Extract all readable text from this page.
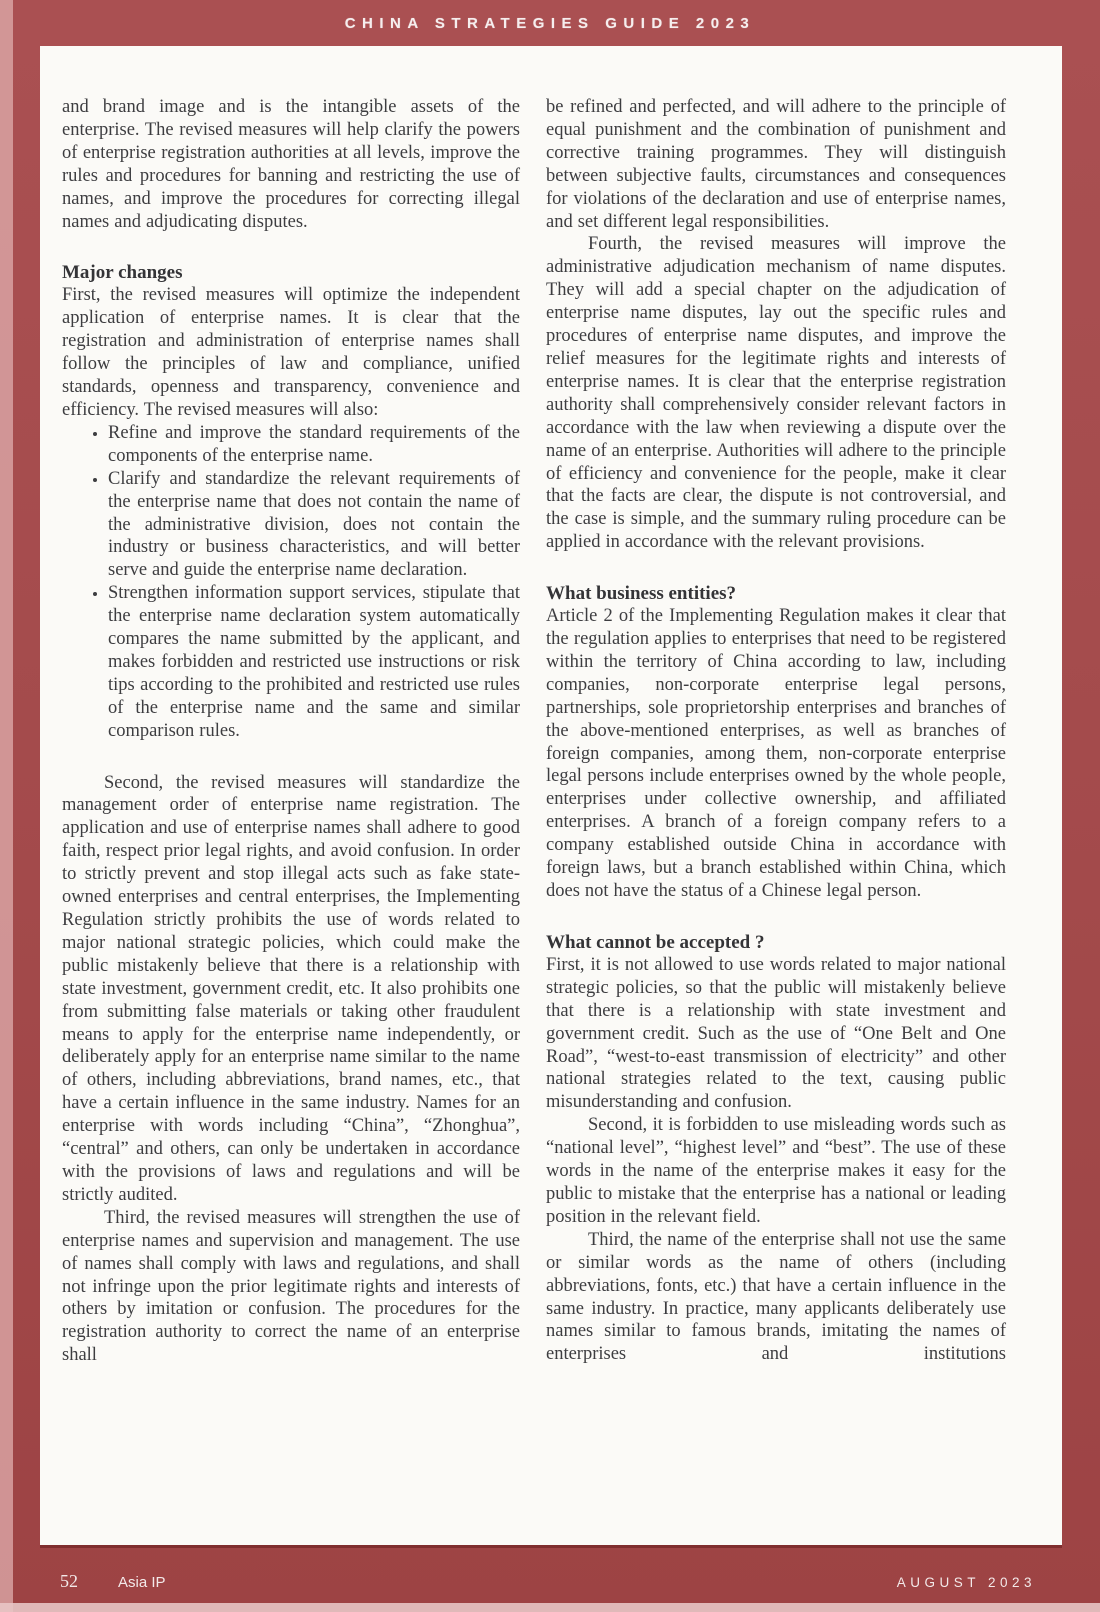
CHINA STRATEGIES GUIDE 2023

and brand image and is the intangible assets of the enterprise. The revised measures will help clarify the powers of enterprise registration authorities at all levels, improve the rules and procedures for banning and restricting the use of names, and improve the procedures for correcting illegal names and adjudicating disputes.

Major changes

First, the revised measures will optimize the independent application of enterprise names. It is clear that the registration and administration of enterprise names shall follow the principles of law and compliance, unified standards, openness and transparency, convenience and efficiency. The revised measures will also:

• Refine and improve the standard requirements of the components of the enterprise name.
• Clarify and standardize the relevant requirements of the enterprise name that does not contain the name of the administrative division, does not contain the industry or business characteristics, and will better serve and guide the enterprise name declaration.
• Strengthen information support services, stipulate that the enterprise name declaration system automatically compares the name submitted by the applicant, and makes forbidden and restricted use instructions or risk tips according to the prohibited and restricted use rules of the enterprise name and the same and similar comparison rules.

Second, the revised measures will standardize the management order of enterprise name registration. The application and use of enterprise names shall adhere to good faith, respect prior legal rights, and avoid confusion. In order to strictly prevent and stop illegal acts such as fake state-owned enterprises and central enterprises, the Implementing Regulation strictly prohibits the use of words related to major national strategic policies, which could make the public mistakenly believe that there is a relationship with state investment, government credit, etc. It also prohibits one from submitting false materials or taking other fraudulent means to apply for the enterprise name independently, or deliberately apply for an enterprise name similar to the name of others, including abbreviations, brand names, etc., that have a certain influence in the same industry. Names for an enterprise with words including “China”, “Zhonghua”, “central” and others, can only be undertaken in accordance with the provisions of laws and regulations and will be strictly audited.

Third, the revised measures will strengthen the use of enterprise names and supervision and management. The use of names shall comply with laws and regulations, and shall not infringe upon the prior legitimate rights and interests of others by imitation or confusion. The procedures for the registration authority to correct the name of an enterprise shall

be refined and perfected, and will adhere to the principle of equal punishment and the combination of punishment and corrective training programmes. They will distinguish between subjective faults, circumstances and consequences for violations of the declaration and use of enterprise names, and set different legal responsibilities.

Fourth, the revised measures will improve the administrative adjudication mechanism of name disputes. They will add a special chapter on the adjudication of enterprise name disputes, lay out the specific rules and procedures of enterprise name disputes, and improve the relief measures for the legitimate rights and interests of enterprise names. It is clear that the enterprise registration authority shall comprehensively consider relevant factors in accordance with the law when reviewing a dispute over the name of an enterprise. Authorities will adhere to the principle of efficiency and convenience for the people, make it clear that the facts are clear, the dispute is not controversial, and the case is simple, and the summary ruling procedure can be applied in accordance with the relevant provisions.

What business entities?

Article 2 of the Implementing Regulation makes it clear that the regulation applies to enterprises that need to be registered within the territory of China according to law, including companies, non-corporate enterprise legal persons, partnerships, sole proprietorship enterprises and branches of the above-mentioned enterprises, as well as branches of foreign companies, among them, non-corporate enterprise legal persons include enterprises owned by the whole people, enterprises under collective ownership, and affiliated enterprises. A branch of a foreign company refers to a company established outside China in accordance with foreign laws, but a branch established within China, which does not have the status of a Chinese legal person.

What cannot be accepted ?

First, it is not allowed to use words related to major national strategic policies, so that the public will mistakenly believe that there is a relationship with state investment and government credit. Such as the use of “One Belt and One Road”, “west-to-east transmission of electricity” and other national strategies related to the text, causing public misunderstanding and confusion.

Second, it is forbidden to use misleading words such as “national level”, “highest level” and “best”. The use of these words in the name of the enterprise makes it easy for the public to mistake that the enterprise has a national or leading position in the relevant field.

Third, the name of the enterprise shall not use the same or similar words as the name of others (including abbreviations, fonts, etc.) that have a certain influence in the same industry. In practice, many applicants deliberately use names similar to famous brands, imitating the names of enterprises and institutions

52	Asia IP	AUGUST 2023
